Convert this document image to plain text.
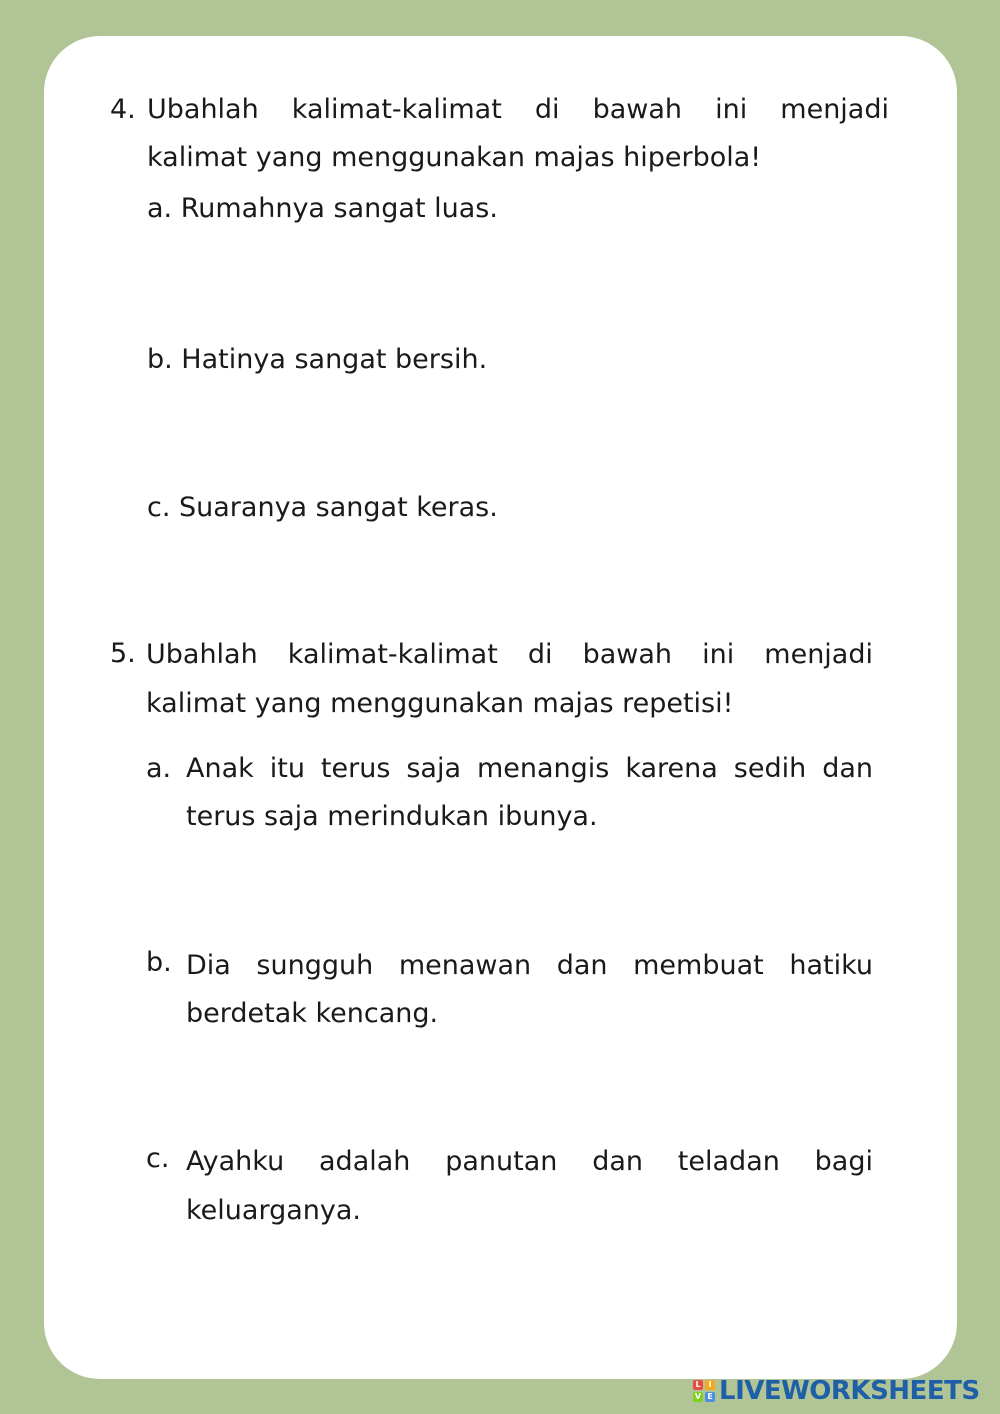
4. Ubahlah kalimat-kalimat di bawah ini menjadi
kalimat yang menggunakan majas hiperbola!
a. Rumahnya sangat luas.
b. Hatinya sangat bersih.
c. Suaranya sangat keras.
5. Ubahlah kalimat-kalimat di bawah ini menjadi
kalimat yang menggunakan majas repetisi!
a. Anak itu terus saja menangis karena sedih dan
terus saja merindukan ibunya.
b. Dia sungguh menawan dan membuat hatiku
berdetak kencang.
c. Ayahku adalah panutan dan teladan bagi
keluarganya.
L I
V E LIVEWORKSHEETS
